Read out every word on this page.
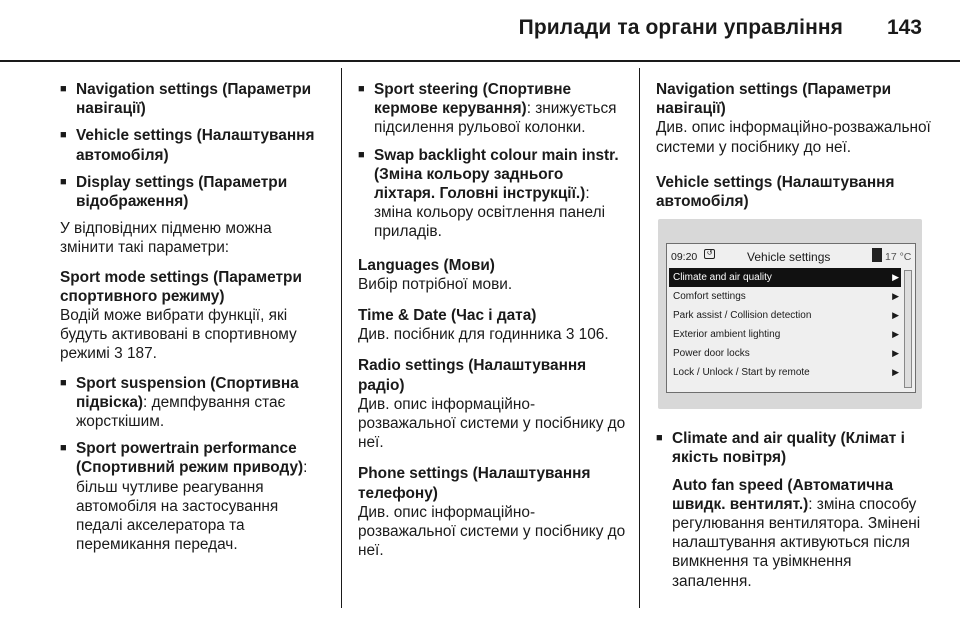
Прилади та органи управління 143
■ Navigation settings (Параметри навігації)
■ Vehicle settings (Налаштування автомобіля)
■ Display settings (Параметри відображення)
У відповідних підменю можна змінити такі параметри:
Sport mode settings (Параметри спортивного режиму)
Водій може вибрати функції, які будуть активовані в спортивному режимі 3 187.
■ Sport suspension (Спортивна підвіска): демпфування стає жорсткішим.
■ Sport powertrain performance (Спортивний режим приводу): більш чутливе реагування автомобіля на застосування педалі акселератора та перемикання передач.
■ Sport steering (Спортивне кермове керування): знижується підсилення рульової колонки.
■ Swap backlight colour main instr. (Зміна кольору заднього ліхтаря. Головні інструкції.): зміна кольору освітлення панелі приладів.
Languages (Мови)
Вибір потрібної мови.
Time & Date (Час і дата)
Див. посібник для годинника 3 106.
Radio settings (Налаштування радіо)
Див. опис інформаційно-розважальної системи у посібнику до неї.
Phone settings (Налаштування телефону)
Див. опис інформаційно-розважальної системи у посібнику до неї.
Navigation settings (Параметри навігації)
Див. опис інформаційно-розважальної системи у посібнику до неї.
Vehicle settings (Налаштування автомобіля)
09:20	↺	Vehicle settings	17 °C
Climate and air quality	▶
Comfort settings	▶
Park assist / Collision detection	▶
Exterior ambient lighting	▶
Power door locks	▶
Lock / Unlock / Start by remote	▶
■ Climate and air quality (Клімат і якість повітря)
Auto fan speed (Автоматична швидк. вентилят.): зміна способу регулювання вентилятора. Змінені налаштування активуються після вимкнення та увімкнення запалення.
